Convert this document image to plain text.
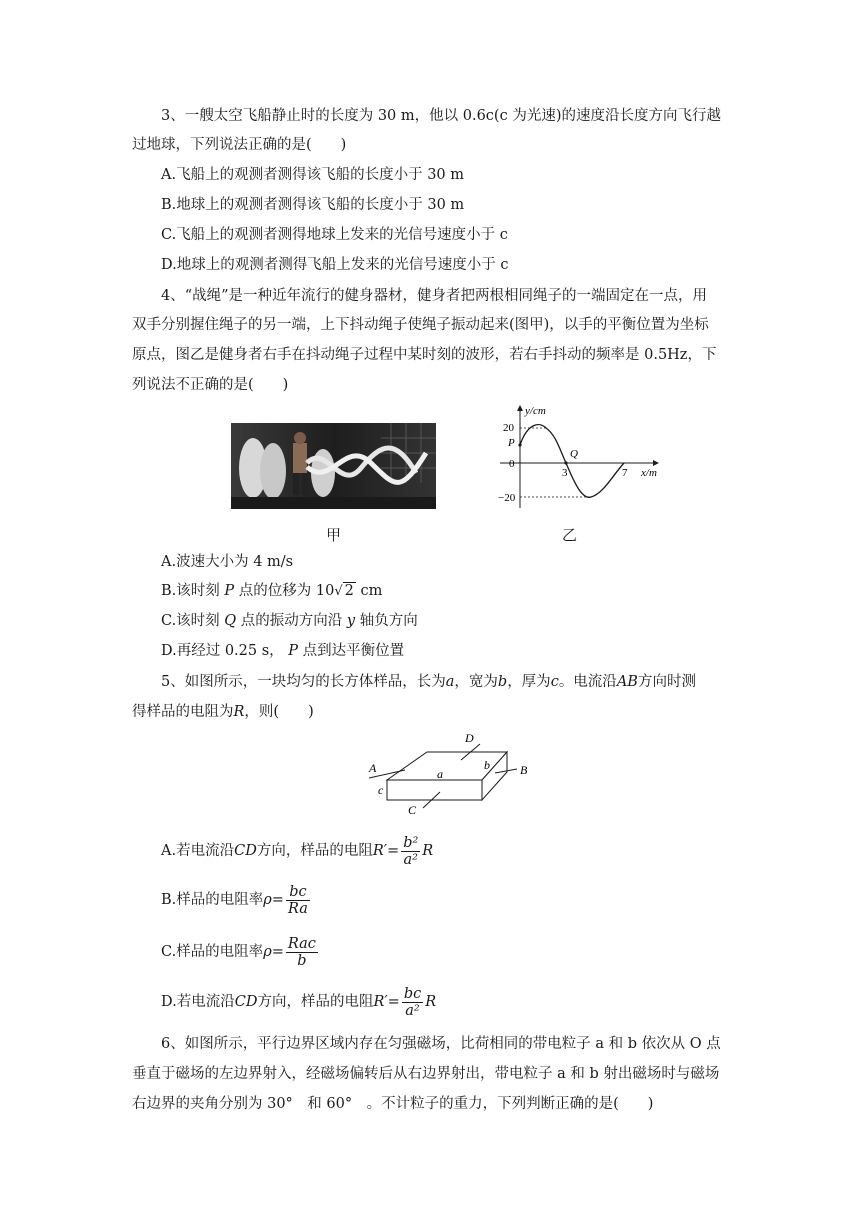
3、一艘太空飞船静止时的长度为 30 m，他以 0.6c(c 为光速)的速度沿长度方向飞行越
过地球，下列说法正确的是(　　)
A.飞船上的观测者测得该飞船的长度小于 30 m
B.地球上的观测者测得该飞船的长度小于 30 m
C.飞船上的观测者测得地球上发来的光信号速度小于 c
D.地球上的观测者测得飞船上发来的光信号速度小于 c
4、“战绳”是一种近年流行的健身器材，健身者把两根相同绳子的一端固定在一点，用
双手分别握住绳子的另一端，上下抖动绳子使绳子振动起来(图甲)，以手的平衡位置为坐标
原点，图乙是健身者右手在抖动绳子过程中某时刻的波形，若右手抖动的频率是 0.5Hz，下
列说法不正确的是(　　)
甲
y/cm
x/m
20
−20
0
3	7
P
Q
乙
A.波速大小为 4 m/s
B.该时刻 P 点的位移为 10√ 2 cm
C.该时刻 Q 点的振动方向沿 y 轴负方向
D.再经过 0.25 s， P 点到达平衡位置
5、如图所示，一块均匀的长方体样品，长为a，宽为b，厚为c。电流沿AB方向时测
得样品的电阻为R，则(　　)
A	B
C
D
a
b
c
A.若电流沿CD方向，样品的电阻$R'= \frac{\text{b²}}{\text{a²}}$ R
B.样品的电阻率$\rho= \frac{bc}{Ra}$
C.样品的电阻率$\rho= \frac{\text{Rac}}{b}$
D.若电流沿CD方向，样品的电阻$R'= \frac{bc}{\text{a²}}$ R
6、如图所示，平行边界区域内存在匀强磁场，比荷相同的带电粒子 a 和 b 依次从 O 点
垂直于磁场的左边界射入，经磁场偏转后从右边界射出，带电粒子 a 和 b 射出磁场时与磁场
右边界的夹角分别为 30°　和 60°　。不计粒子的重力，下列判断正确的是(　　)
